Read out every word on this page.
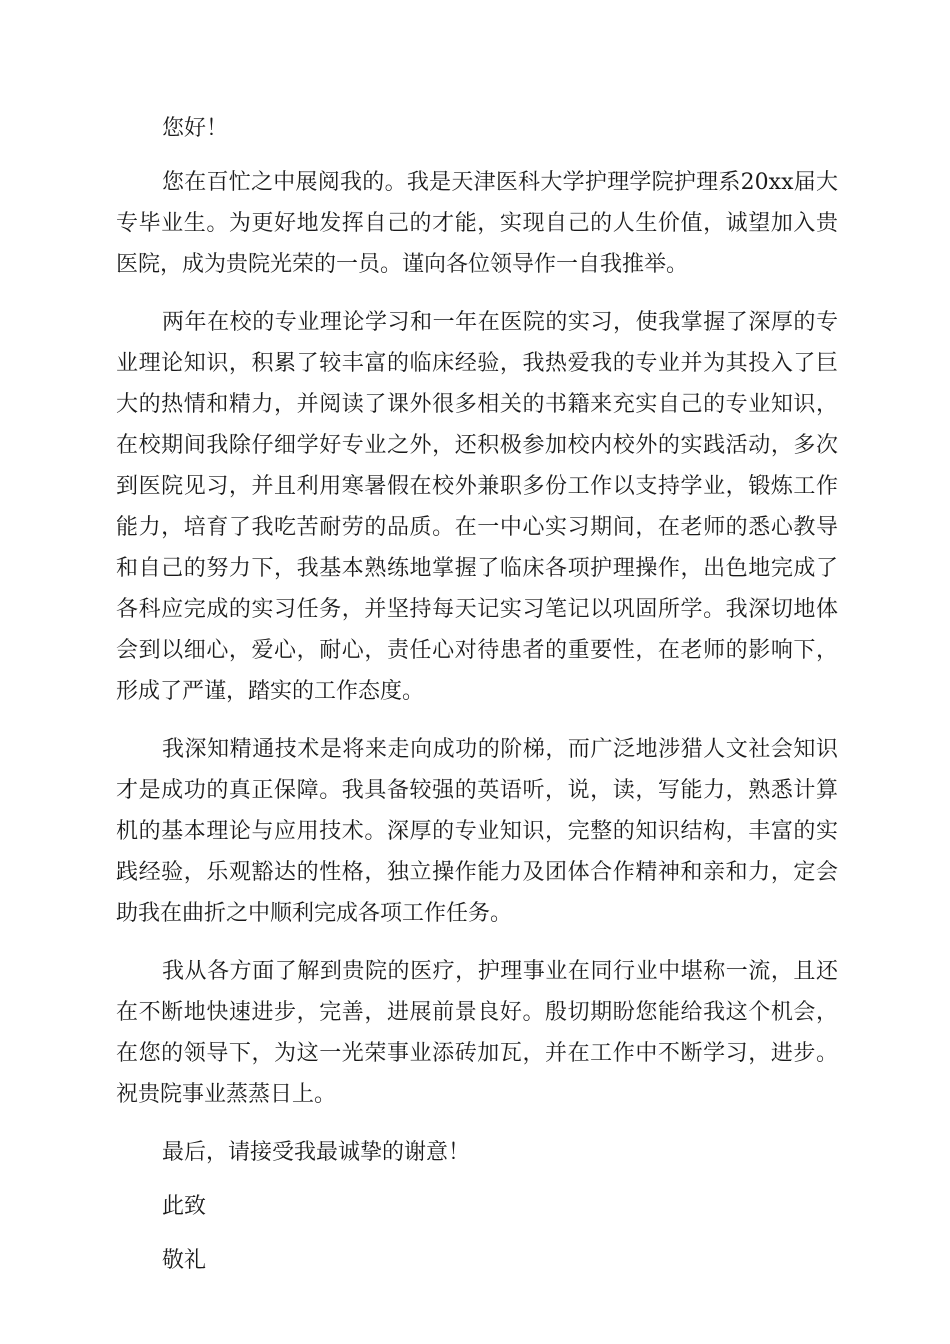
您好！

您在百忙之中展阅我的。我是天津医科大学护理学院护理系20xx届大专毕业生。为更好地发挥自己的才能，实现自己的人生价值，诚望加入贵医院，成为贵院光荣的一员。谨向各位领导作一自我推举。

两年在校的专业理论学习和一年在医院的实习，使我掌握了深厚的专业理论知识，积累了较丰富的临床经验，我热爱我的专业并为其投入了巨大的热情和精力，并阅读了课外很多相关的书籍来充实自己的专业知识，在校期间我除仔细学好专业之外，还积极参加校内校外的实践活动，多次到医院见习，并且利用寒暑假在校外兼职多份工作以支持学业，锻炼工作能力，培育了我吃苦耐劳的品质。在一中心实习期间，在老师的悉心教导和自己的努力下，我基本熟练地掌握了临床各项护理操作，出色地完成了各科应完成的实习任务，并坚持每天记实习笔记以巩固所学。我深切地体会到以细心，爱心，耐心，责任心对待患者的重要性，在老师的影响下，形成了严谨，踏实的工作态度。

我深知精通技术是将来走向成功的阶梯，而广泛地涉猎人文社会知识才是成功的真正保障。我具备较强的英语听，说，读，写能力，熟悉计算机的基本理论与应用技术。深厚的专业知识，完整的知识结构，丰富的实践经验，乐观豁达的性格，独立操作能力及团体合作精神和亲和力，定会助我在曲折之中顺利完成各项工作任务。

我从各方面了解到贵院的医疗，护理事业在同行业中堪称一流，且还在不断地快速进步，完善，进展前景良好。殷切期盼您能给我这个机会，在您的领导下，为这一光荣事业添砖加瓦，并在工作中不断学习，进步。祝贵院事业蒸蒸日上。

最后，请接受我最诚挚的谢意！

此致

敬礼
